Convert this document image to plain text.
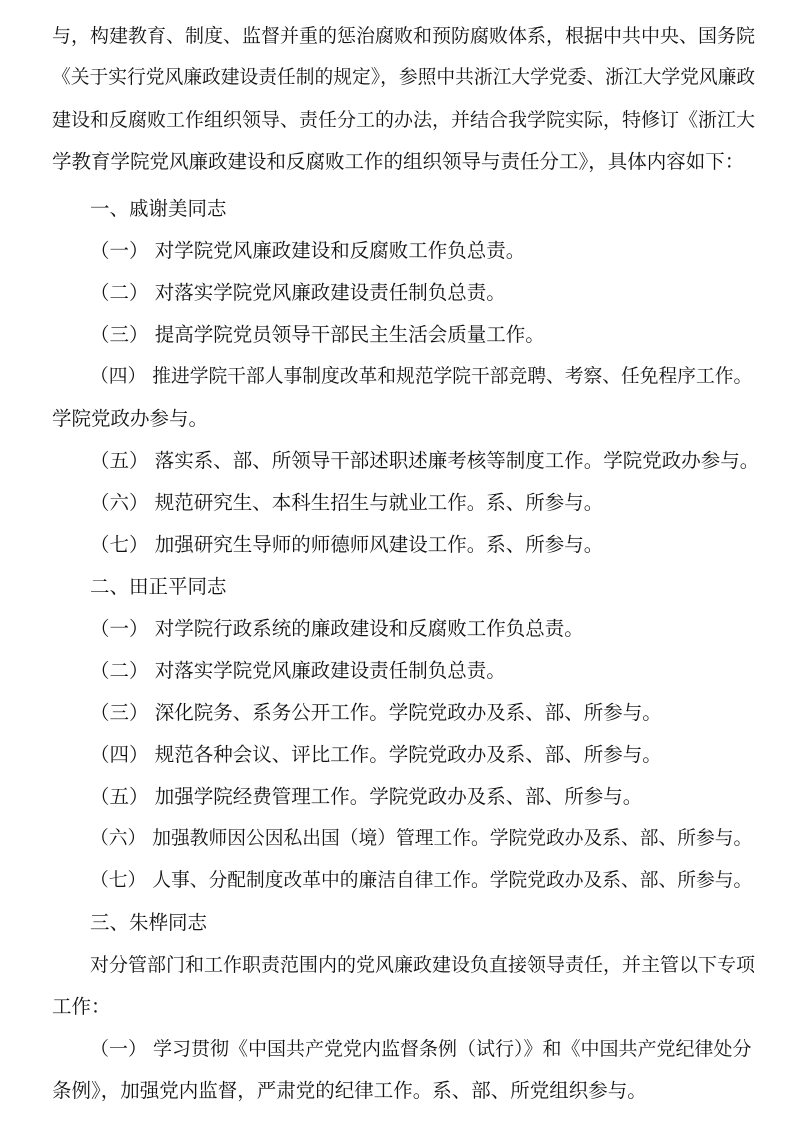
与，构建教育、制度、监督并重的惩治腐败和预防腐败体系，根据中共中央、国务院
《关于实行党风廉政建设责任制的规定》，参照中共浙江大学党委、浙江大学党风廉政
建设和反腐败工作组织领导、责任分工的办法，并结合我学院实际，特修订《浙江大
学教育学院党风廉政建设和反腐败工作的组织领导与责任分工》，具体内容如下：
一、戚谢美同志
（一） 对学院党风廉政建设和反腐败工作负总责。
（二） 对落实学院党风廉政建设责任制负总责。
（三） 提高学院党员领导干部民主生活会质量工作。
（四） 推进学院干部人事制度改革和规范学院干部竞聘、考察、任免程序工作。
学院党政办参与。
（五） 落实系、部、所领导干部述职述廉考核等制度工作。学院党政办参与。
（六） 规范研究生、本科生招生与就业工作。系、所参与。
（七） 加强研究生导师的师德师风建设工作。系、所参与。
二、田正平同志
（一） 对学院行政系统的廉政建设和反腐败工作负总责。
（二） 对落实学院党风廉政建设责任制负总责。
（三） 深化院务、系务公开工作。学院党政办及系、部、所参与。
（四） 规范各种会议、评比工作。学院党政办及系、部、所参与。
（五） 加强学院经费管理工作。学院党政办及系、部、所参与。
（六） 加强教师因公因私出国（境）管理工作。学院党政办及系、部、所参与。
（七） 人事、分配制度改革中的廉洁自律工作。学院党政办及系、部、所参与。
三、朱桦同志
对分管部门和工作职责范围内的党风廉政建设负直接领导责任，并主管以下专项
工作：
（一） 学习贯彻《中国共产党党内监督条例（试行）》和《中国共产党纪律处分
条例》，加强党内监督，严肃党的纪律工作。系、部、所党组织参与。
